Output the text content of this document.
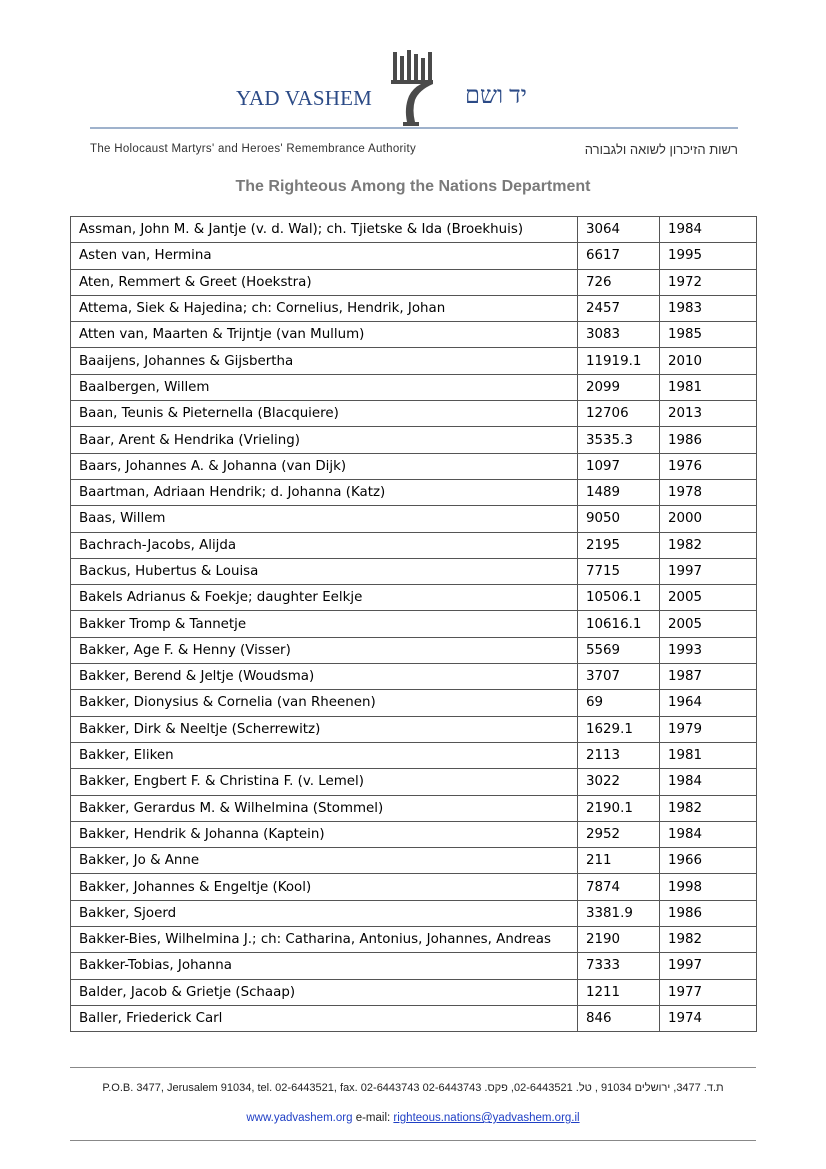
YAD VASHEM	יד ושם
The Holocaust Martyrs' and Heroes' Remembrance Authority	רשות הזיכרון לשואה ולגבורה
The Righteous Among the Nations Department
Assman, John M. & Jantje (v. d. Wal); ch. Tjietske & Ida (Broekhuis)	3064	1984
Asten van, Hermina	6617	1995
Aten, Remmert & Greet (Hoekstra)	726	1972
Attema, Siek & Hajedina; ch: Cornelius, Hendrik, Johan	2457	1983
Atten van, Maarten & Trijntje (van Mullum)	3083	1985
Baaijens, Johannes & Gijsbertha	11919.1	2010
Baalbergen, Willem	2099	1981
Baan, Teunis & Pieternella (Blacquiere)	12706	2013
Baar, Arent & Hendrika (Vrieling)	3535.3	1986
Baars, Johannes A. & Johanna (van Dijk)	1097	1976
Baartman, Adriaan Hendrik; d. Johanna (Katz)	1489	1978
Baas, Willem	9050	2000
Bachrach-Jacobs, Alijda	2195	1982
Backus, Hubertus & Louisa	7715	1997
Bakels Adrianus & Foekje; daughter Eelkje	10506.1	2005
Bakker Tromp & Tannetje	10616.1	2005
Bakker, Age F. & Henny (Visser)	5569	1993
Bakker, Berend & Jeltje (Woudsma)	3707	1987
Bakker, Dionysius & Cornelia (van Rheenen)	69	1964
Bakker, Dirk & Neeltje (Scherrewitz)	1629.1	1979
Bakker, Eliken	2113	1981
Bakker, Engbert F. & Christina F. (v. Lemel)	3022	1984
Bakker, Gerardus M. & Wilhelmina (Stommel)	2190.1	1982
Bakker, Hendrik & Johanna (Kaptein)	2952	1984
Bakker, Jo & Anne	211	1966
Bakker, Johannes & Engeltje (Kool)	7874	1998
Bakker, Sjoerd	3381.9	1986
Bakker-Bies, Wilhelmina J.; ch: Catharina, Antonius, Johannes, Andreas	2190	1982
Bakker-Tobias, Johanna	7333	1997
Balder, Jacob & Grietje (Schaap)	1211	1977
Baller, Friederick Carl	846	1974
P.O.B. 3477, Jerusalem 91034, tel. 02-6443521, fax. 02-6443743 ת.ד. 3477, ירושלים 91034 , טל. 02-6443521, פקס. 02-6443743
www.yadvashem.org e-mail: righteous.nations@yadvashem.org.il
